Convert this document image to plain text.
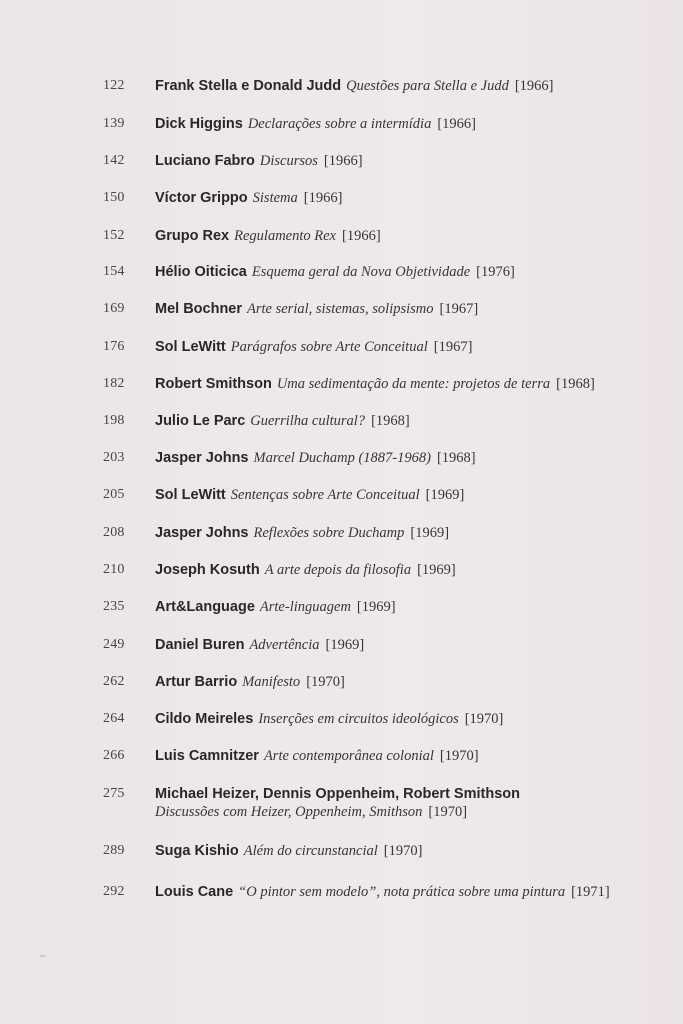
122	Frank Stella e Donald Judd Questões para Stella e Judd [1966]
139	Dick Higgins Declarações sobre a intermídia [1966]
142	Luciano Fabro Discursos [1966]
150	Víctor Grippo Sistema [1966]
152	Grupo Rex Regulamento Rex [1966]
154	Hélio Oiticica Esquema geral da Nova Objetividade [1976]
169	Mel Bochner Arte serial, sistemas, solipsismo [1967]
176	Sol LeWitt Parágrafos sobre Arte Conceitual [1967]
182	Robert Smithson Uma sedimentação da mente: projetos de terra [1968]
198	Julio Le Parc Guerrilha cultural? [1968]
203	Jasper Johns Marcel Duchamp (1887-1968) [1968]
205	Sol LeWitt Sentenças sobre Arte Conceitual [1969]
208	Jasper Johns Reflexões sobre Duchamp [1969]
210	Joseph Kosuth A arte depois da filosofia [1969]
235	Art&Language Arte-linguagem [1969]
249	Daniel Buren Advertência [1969]
262	Artur Barrio Manifesto [1970]
264	Cildo Meireles Inserções em circuitos ideológicos [1970]
266	Luis Camnitzer Arte contemporânea colonial [1970]
275	Michael Heizer, Dennis Oppenheim, Robert Smithson
Discussões com Heizer, Oppenheim, Smithson [1970]
289	Suga Kishio Além do circunstancial [1970]
292	Louis Cane “O pintor sem modelo”, nota prática sobre uma pintura [1971]
